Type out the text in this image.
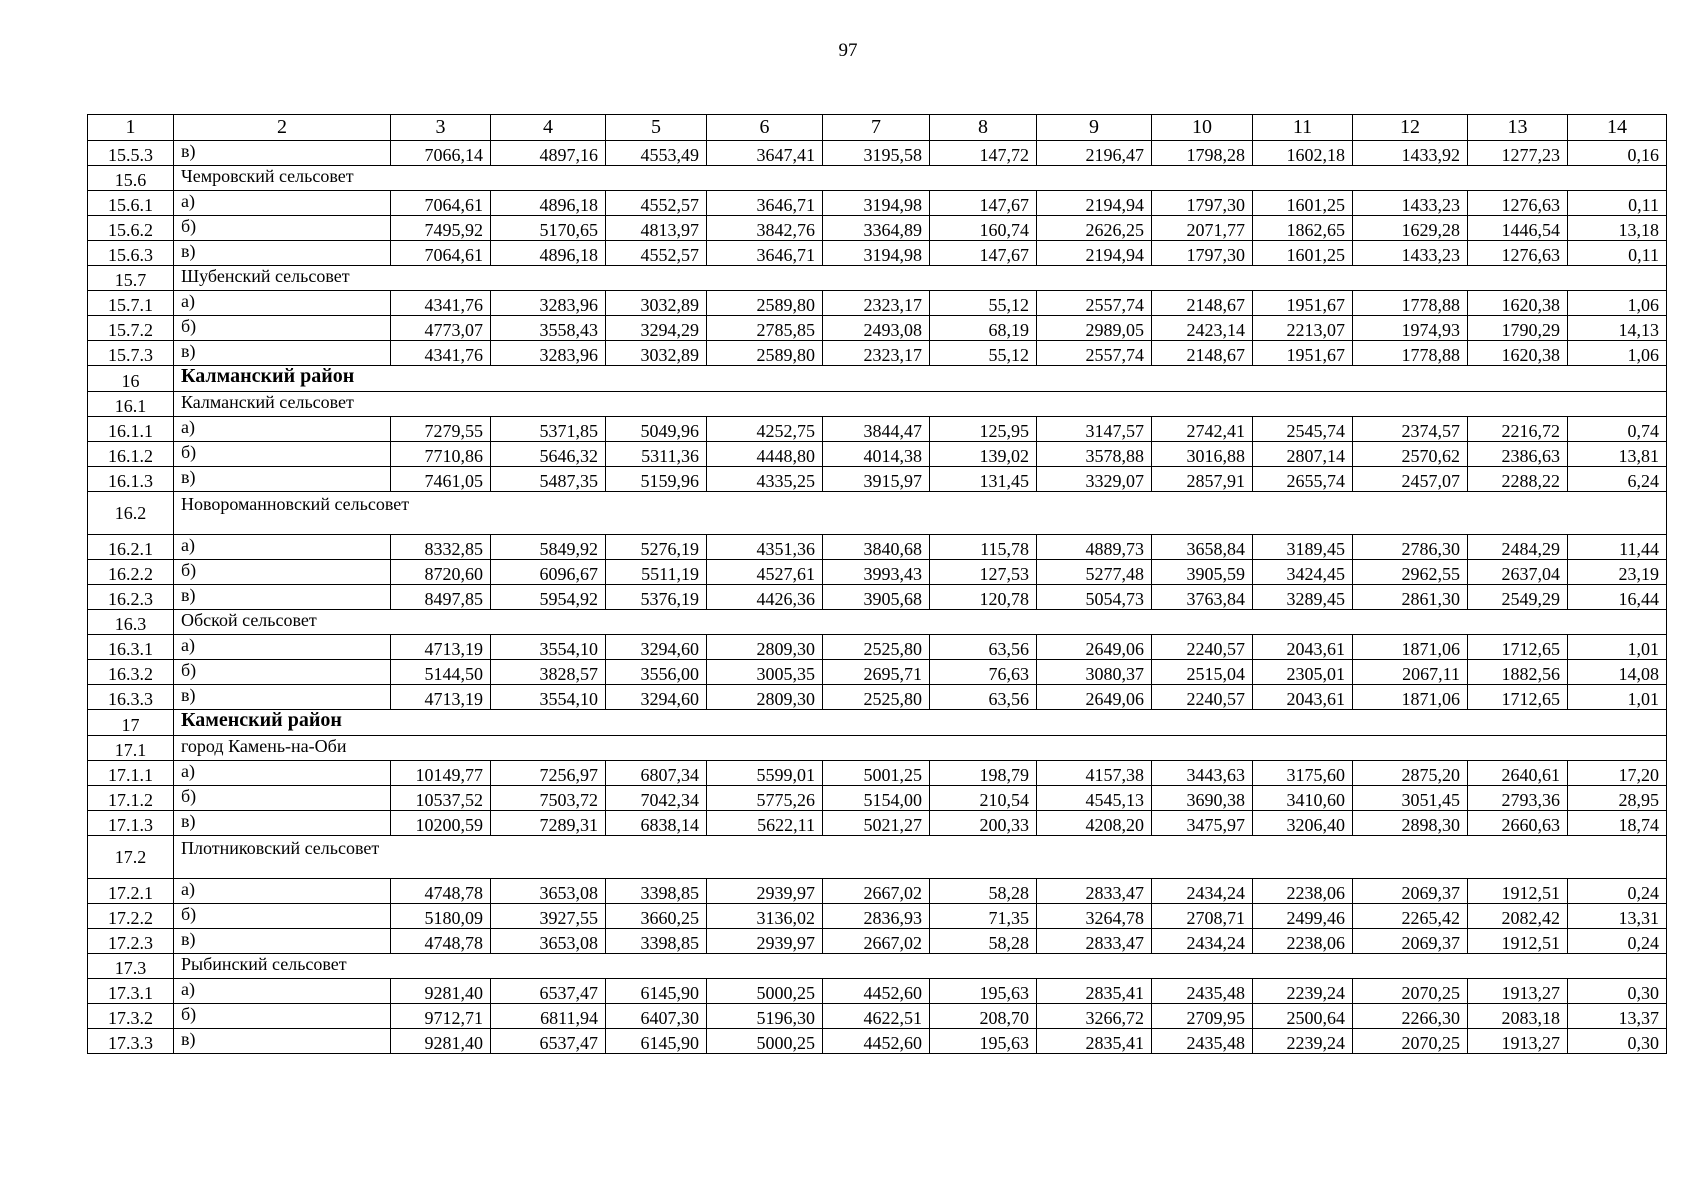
97
1	2	3	4	5	6	7	8	9	10	11	12	13	14
15.5.3	в)	7066,14	4897,16	4553,49	3647,41	3195,58	147,72	2196,47	1798,28	1602,18	1433,92	1277,23	0,16
15.6	Чемровский сельсовет												
15.6.1	а)	7064,61	4896,18	4552,57	3646,71	3194,98	147,67	2194,94	1797,30	1601,25	1433,23	1276,63	0,11
15.6.2	б)	7495,92	5170,65	4813,97	3842,76	3364,89	160,74	2626,25	2071,77	1862,65	1629,28	1446,54	13,18
15.6.3	в)	7064,61	4896,18	4552,57	3646,71	3194,98	147,67	2194,94	1797,30	1601,25	1433,23	1276,63	0,11
15.7	Шубенский сельсовет												
15.7.1	а)	4341,76	3283,96	3032,89	2589,80	2323,17	55,12	2557,74	2148,67	1951,67	1778,88	1620,38	1,06
15.7.2	б)	4773,07	3558,43	3294,29	2785,85	2493,08	68,19	2989,05	2423,14	2213,07	1974,93	1790,29	14,13
15.7.3	в)	4341,76	3283,96	3032,89	2589,80	2323,17	55,12	2557,74	2148,67	1951,67	1778,88	1620,38	1,06
16	Калманский район												
16.1	Калманский сельсовет												
16.1.1	а)	7279,55	5371,85	5049,96	4252,75	3844,47	125,95	3147,57	2742,41	2545,74	2374,57	2216,72	0,74
16.1.2	б)	7710,86	5646,32	5311,36	4448,80	4014,38	139,02	3578,88	3016,88	2807,14	2570,62	2386,63	13,81
16.1.3	в)	7461,05	5487,35	5159,96	4335,25	3915,97	131,45	3329,07	2857,91	2655,74	2457,07	2288,22	6,24
16.2	Новороманновский сельсовет												
16.2.1	а)	8332,85	5849,92	5276,19	4351,36	3840,68	115,78	4889,73	3658,84	3189,45	2786,30	2484,29	11,44
16.2.2	б)	8720,60	6096,67	5511,19	4527,61	3993,43	127,53	5277,48	3905,59	3424,45	2962,55	2637,04	23,19
16.2.3	в)	8497,85	5954,92	5376,19	4426,36	3905,68	120,78	5054,73	3763,84	3289,45	2861,30	2549,29	16,44
16.3	Обской сельсовет												
16.3.1	а)	4713,19	3554,10	3294,60	2809,30	2525,80	63,56	2649,06	2240,57	2043,61	1871,06	1712,65	1,01
16.3.2	б)	5144,50	3828,57	3556,00	3005,35	2695,71	76,63	3080,37	2515,04	2305,01	2067,11	1882,56	14,08
16.3.3	в)	4713,19	3554,10	3294,60	2809,30	2525,80	63,56	2649,06	2240,57	2043,61	1871,06	1712,65	1,01
17	Каменский район												
17.1	город Камень-на-Оби												
17.1.1	а)	10149,77	7256,97	6807,34	5599,01	5001,25	198,79	4157,38	3443,63	3175,60	2875,20	2640,61	17,20
17.1.2	б)	10537,52	7503,72	7042,34	5775,26	5154,00	210,54	4545,13	3690,38	3410,60	3051,45	2793,36	28,95
17.1.3	в)	10200,59	7289,31	6838,14	5622,11	5021,27	200,33	4208,20	3475,97	3206,40	2898,30	2660,63	18,74
17.2	Плотниковский сельсовет												
17.2.1	а)	4748,78	3653,08	3398,85	2939,97	2667,02	58,28	2833,47	2434,24	2238,06	2069,37	1912,51	0,24
17.2.2	б)	5180,09	3927,55	3660,25	3136,02	2836,93	71,35	3264,78	2708,71	2499,46	2265,42	2082,42	13,31
17.2.3	в)	4748,78	3653,08	3398,85	2939,97	2667,02	58,28	2833,47	2434,24	2238,06	2069,37	1912,51	0,24
17.3	Рыбинский сельсовет												
17.3.1	а)	9281,40	6537,47	6145,90	5000,25	4452,60	195,63	2835,41	2435,48	2239,24	2070,25	1913,27	0,30
17.3.2	б)	9712,71	6811,94	6407,30	5196,30	4622,51	208,70	3266,72	2709,95	2500,64	2266,30	2083,18	13,37
17.3.3	в)	9281,40	6537,47	6145,90	5000,25	4452,60	195,63	2835,41	2435,48	2239,24	2070,25	1913,27	0,30
